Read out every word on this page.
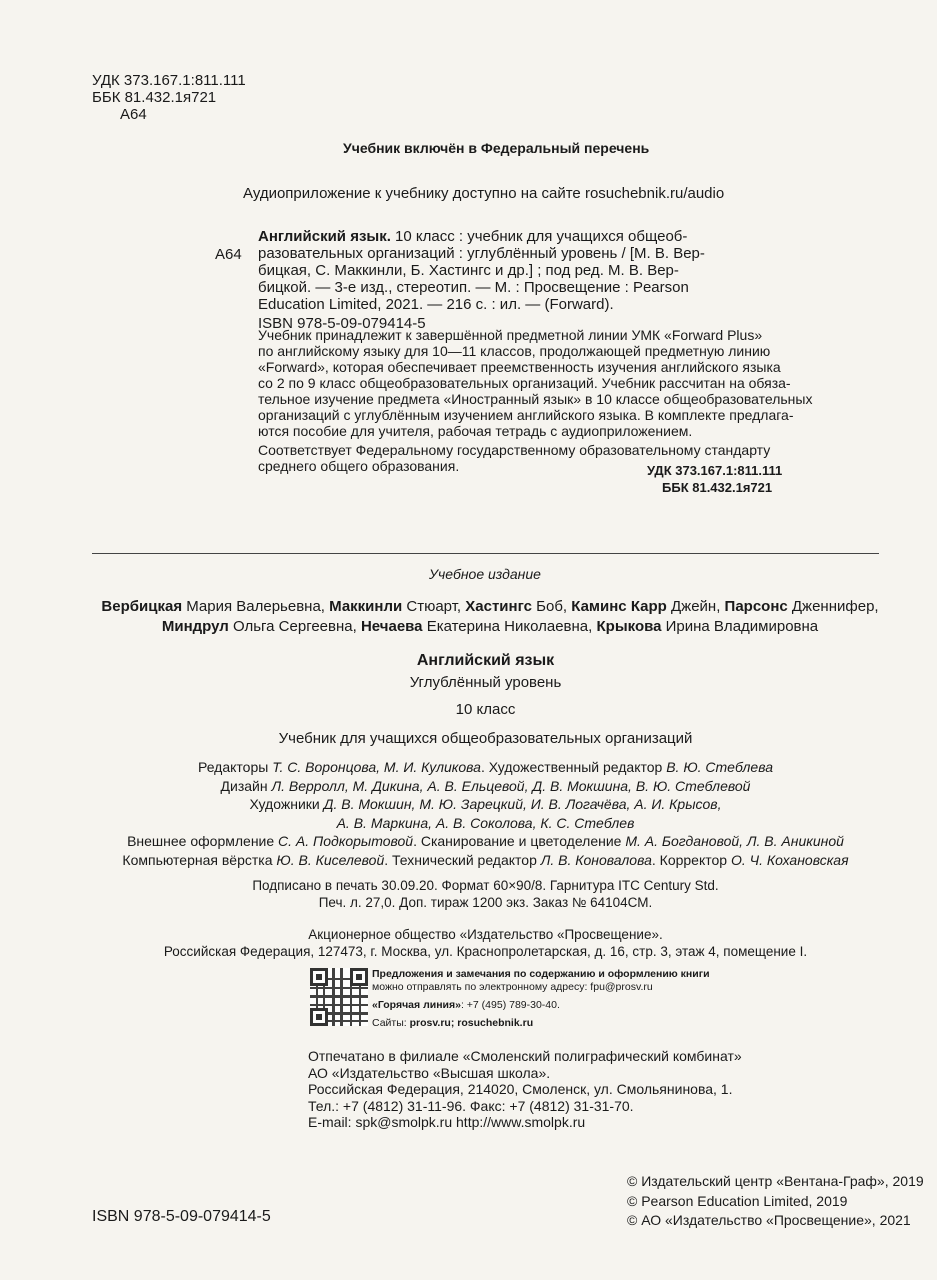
УДК 373.167.1:811.111
ББК 81.432.1я721
А64
Учебник включён в Федеральный перечень
Аудиоприложение к учебнику доступно на сайте rosuchebnik.ru/audio
А64
Английский язык. 10 класс : учебник для учащихся общеоб-
разовательных организаций : углублённый уровень / [М. В. Вер-
бицкая, С. Маккинли, Б. Хастингс и др.] ; под ред. М. В. Вер-
бицкой. — 3-е изд., стереотип. — М. : Просвещение : Pearson
Education Limited, 2021. — 216 с. : ил. — (Forward).
ISBN 978-5-09-079414-5
Учебник принадлежит к завершённой предметной линии УМК «Forward Plus»
по английскому языку для 10—11 классов, продолжающей предметную линию
«Forward», которая обеспечивает преемственность изучения английского языка
со 2 по 9 класс общеобразовательных организаций. Учебник рассчитан на обяза-
тельное изучение предмета «Иностранный язык» в 10 классе общеобразовательных
организаций с углублённым изучением английского языка. В комплекте предлага-
ются пособие для учителя, рабочая тетрадь с аудиоприложением.
Соответствует Федеральному государственному образовательному стандарту
среднего общего образования.	УДК 373.167.1:811.111
ББК 81.432.1я721
Учебное издание
Вербицкая Мария Валерьевна, Маккинли Стюарт, Хастингс Боб, Каминс Карр Джейн, Парсонс Дженнифер,
Миндрул Ольга Сергеевна, Нечаева Екатерина Николаевна, Крыкова Ирина Владимировна
Английский язык
Углублённый уровень
10 класс
Учебник для учащихся общеобразовательных организаций
Редакторы Т. С. Воронцова, М. И. Куликова. Художественный редактор В. Ю. Стеблева
Дизайн Л. Верролл, М. Дикина, А. В. Ельцевой, Д. В. Мокшина, В. Ю. Стеблевой
Художники Д. В. Мокшин, М. Ю. Зарецкий, И. В. Логачёва, А. И. Крысов,
А. В. Маркина, А. В. Соколова, К. С. Стеблев
Внешнее оформление С. А. Подкорытовой. Сканирование и цветоделение М. А. Богдановой, Л. В. Аникиной
Компьютерная вёрстка Ю. В. Киселевой. Технический редактор Л. В. Коновалова. Корректор О. Ч. Кохановская
Подписано в печать 30.09.20. Формат 60×90/8. Гарнитура ITC Century Std.
Печ. л. 27,0. Доп. тираж 1200 экз. Заказ № 64104СМ.
Акционерное общество «Издательство «Просвещение».
Российская Федерация, 127473, г. Москва, ул. Краснопролетарская, д. 16, стр. 3, этаж 4, помещение I.
Предложения и замечания по содержанию и оформлению книги
можно отправлять по электронному адресу: fpu@prosv.ru
«Горячая линия»: +7 (495) 789-30-40.
Сайты: prosv.ru; rosuchebnik.ru
Отпечатано в филиале «Смоленский полиграфический комбинат»
АО «Издательство «Высшая школа».
Российская Федерация, 214020, Смоленск, ул. Смольянинова, 1.
Тел.: +7 (4812) 31-11-96. Факс: +7 (4812) 31-31-70.
E-mail: spk@smolpk.ru http://www.smolpk.ru
ISBN 978-5-09-079414-5
© Издательский центр «Вентана-Граф», 2019
© Pearson Education Limited, 2019
© АО «Издательство «Просвещение», 2021
